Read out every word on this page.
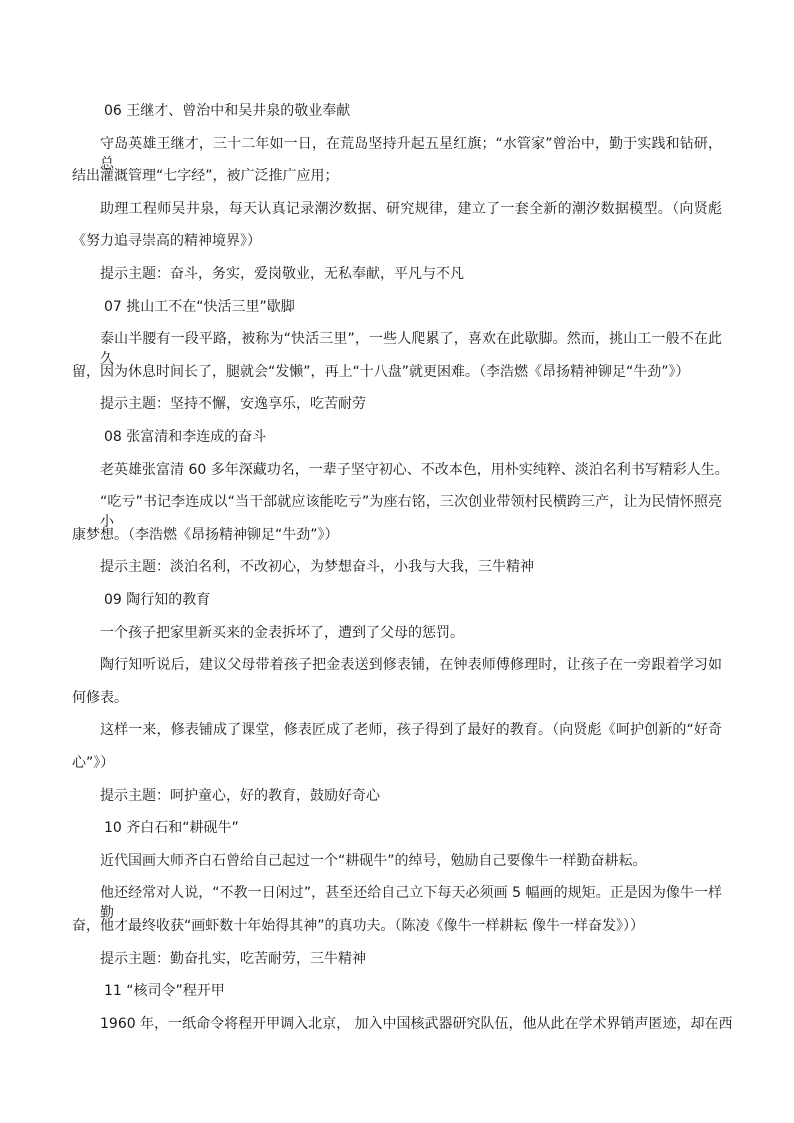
06 王继才、曾治中和吴井泉的敬业奉献

守岛英雄王继才，三十二年如一日，在荒岛坚持升起五星红旗；“水管家”曾治中，勤于实践和钻研，总

结出灌溉管理“七字经”，被广泛推广应用；

助理工程师吴井泉，每天认真记录潮汐数据、研究规律，建立了一套全新的潮汐数据模型。（向贤彪

《努力追寻崇高的精神境界》）

提示主题：奋斗，务实，爱岗敬业，无私奉献，平凡与不凡

07 挑山工不在“快活三里”歇脚

泰山半腰有一段平路，被称为“快活三里”，一些人爬累了，喜欢在此歇脚。然而，挑山工一般不在此久

留，因为休息时间长了，腿就会“发懒”，再上“十八盘”就更困难。（李浩燃《昂扬精神铆足“牛劲”》）

提示主题：坚持不懈，安逸享乐，吃苦耐劳

08 张富清和李连成的奋斗

老英雄张富清 60 多年深藏功名，一辈子坚守初心、不改本色，用朴实纯粹、淡泊名利书写精彩人生。

“吃亏”书记李连成以“当干部就应该能吃亏”为座右铭，三次创业带领村民横跨三产，让为民情怀照亮小

康梦想。（李浩燃《昂扬精神铆足“牛劲”》）

提示主题：淡泊名利，不改初心，为梦想奋斗，小我与大我，三牛精神

09 陶行知的教育

一个孩子把家里新买来的金表拆坏了，遭到了父母的惩罚。

陶行知听说后，建议父母带着孩子把金表送到修表铺，在钟表师傅修理时，让孩子在一旁跟着学习如

何修表。

这样一来，修表铺成了课堂，修表匠成了老师，孩子得到了最好的教育。（向贤彪《呵护创新的“好奇

心”》）

提示主题：呵护童心，好的教育，鼓励好奇心

10 齐白石和“耕砚牛”

近代国画大师齐白石曾给自己起过一个“耕砚牛”的绰号，勉励自己要像牛一样勤奋耕耘。

他还经常对人说，“不教一日闲过”，甚至还给自己立下每天必须画 5 幅画的规矩。正是因为像牛一样勤

奋，他才最终收获“画虾数十年始得其神”的真功夫。（陈凌《像牛一样耕耘 像牛一样奋发》））

提示主题：勤奋扎实，吃苦耐劳，三牛精神

11 “核司令”程开甲

1960 年，一纸命令将程开甲调入北京， 加入中国核武器研究队伍，他从此在学术界销声匿迹，却在西
